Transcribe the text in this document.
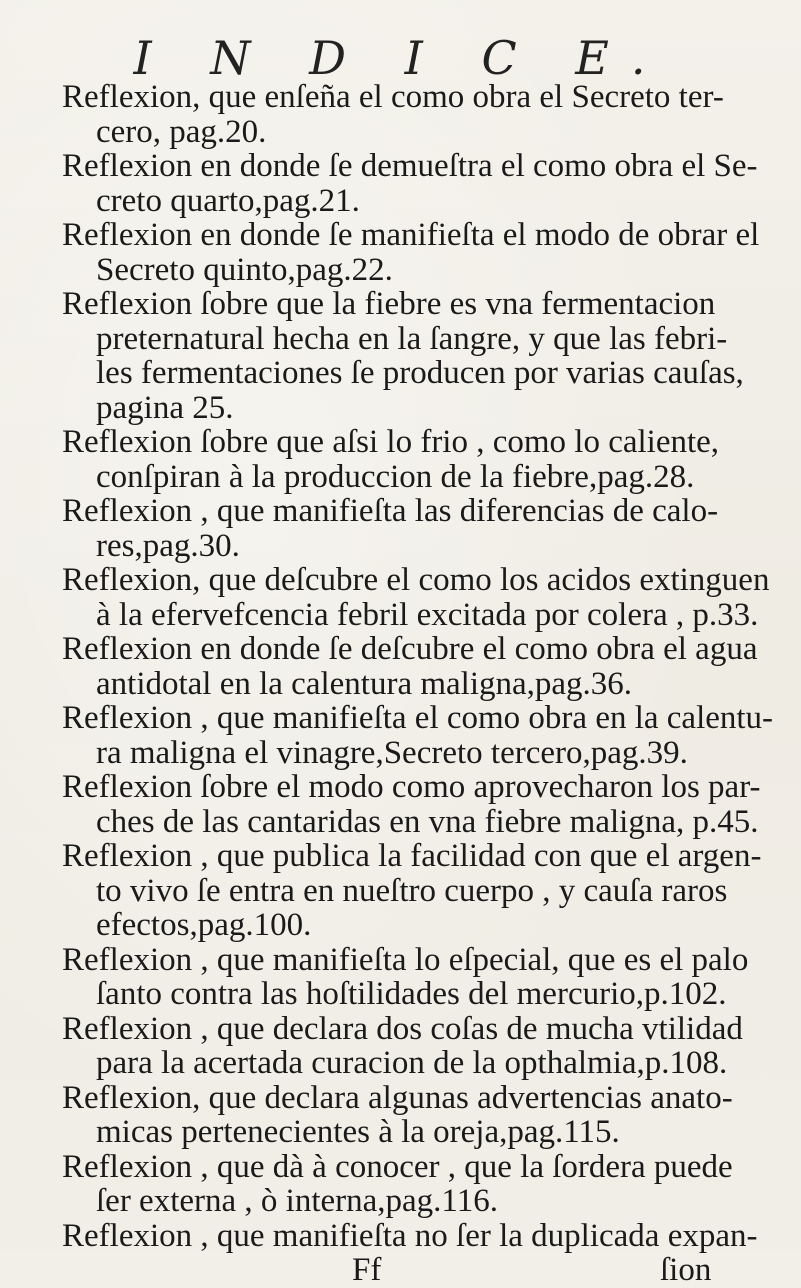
I N D I C E.
Reflexion, que enſeña el como obra el Secreto ter-
cero, pag.20.
Reflexion en donde ſe demueſtra el como obra el Se-
creto quarto,pag.21.
Reflexion en donde ſe manifieſta el modo de obrar el
Secreto quinto,pag.22.
Reflexion ſobre que la fiebre es vna fermentacion
preternatural hecha en la ſangre, y que las febri-
les fermentaciones ſe producen por varias cauſas,
pagina 25.
Reflexion ſobre que aſsi lo frio , como lo caliente,
conſpiran à la produccion de la fiebre,pag.28.
Reflexion , que manifieſta las diferencias de calo-
res,pag.30.
Reflexion, que deſcubre el como los acidos extinguen
à la efervefcencia febril excitada por colera , p.33.
Reflexion en donde ſe deſcubre el como obra el agua
antidotal en la calentura maligna,pag.36.
Reflexion , que manifieſta el como obra en la calentu-
ra maligna el vinagre,Secreto tercero,pag.39.
Reflexion ſobre el modo como aprovecharon los par-
ches de las cantaridas en vna fiebre maligna, p.45.
Reflexion , que publica la facilidad con que el argen-
to vivo ſe entra en nueſtro cuerpo , y cauſa raros
efectos,pag.100.
Reflexion , que manifieſta lo eſpecial, que es el palo
ſanto contra las hoſtilidades del mercurio,p.102.
Reflexion , que declara dos coſas de mucha vtilidad
para la acertada curacion de la opthalmia,p.108.
Reflexion, que declara algunas advertencias anato-
micas pertenecientes à la oreja,pag.115.
Reflexion , que dà à conocer , que la ſordera puede
ſer externa , ò interna,pag.116.
Reflexion , que manifieſta no ſer la duplicada expan-
Ff	ſion
